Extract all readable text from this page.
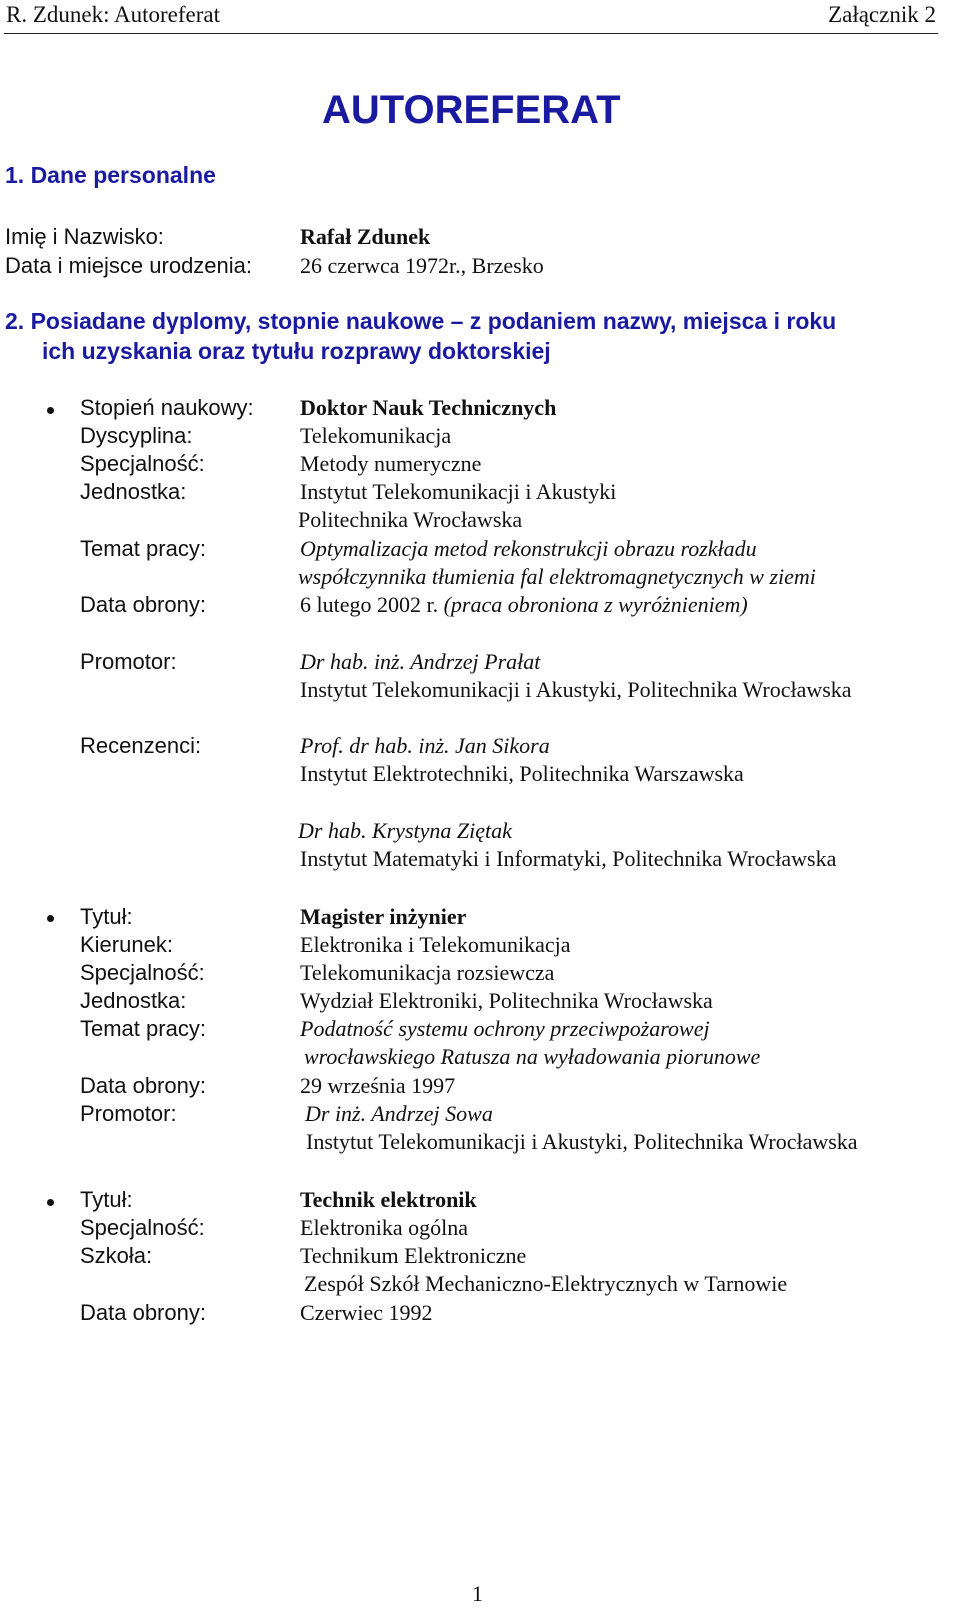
R. Zdunek: Autoreferat	Załącznik 2
AUTOREFERAT
1. Dane personalne
Imię i Nazwisko:	Rafał Zdunek
Data i miejsce urodzenia: 26 czerwca 1972r., Brzesko
2. Posiadane dyplomy, stopnie naukowe – z podaniem nazwy, miejsca i roku
ich uzyskania oraz tytułu rozprawy doktorskiej
Stopień naukowy: Doktor Nauk Technicznych
Dyscyplina:	Telekomunikacja
Specjalność:	Metody numeryczne
Jednostka:	Instytut Telekomunikacji i Akustyki
Politechnika Wrocławska
Temat pracy:	Optymalizacja metod rekonstrukcji obrazu rozkładu
współczynnika tłumienia fal elektromagnetycznych w ziemi
Data obrony:	6 lutego 2002 r. (praca obroniona z wyróżnieniem)
Promotor:	Dr hab. inż. Andrzej Prałat
Instytut Telekomunikacji i Akustyki, Politechnika Wrocławska
Recenzenci:	Prof. dr hab. inż. Jan Sikora
Instytut Elektrotechniki, Politechnika Warszawska
Dr hab. Krystyna Ziętak
Instytut Matematyki i Informatyki, Politechnika Wrocławska
Tytuł:	Magister inżynier
Kierunek:	Elektronika i Telekomunikacja
Specjalność:	Telekomunikacja rozsiewcza
Jednostka:	Wydział Elektroniki, Politechnika Wrocławska
Temat pracy:	Podatność systemu ochrony przeciwpożarowej
wrocławskiego Ratusza na wyładowania piorunowe
Data obrony:	29 września 1997
Promotor:	Dr inż. Andrzej Sowa
Instytut Telekomunikacji i Akustyki, Politechnika Wrocławska
Tytuł:	Technik elektronik
Specjalność:	Elektronika ogólna
Szkoła:	Technikum Elektroniczne
Zespół Szkół Mechaniczno-Elektrycznych w Tarnowie
Data obrony:	Czerwiec 1992
1
